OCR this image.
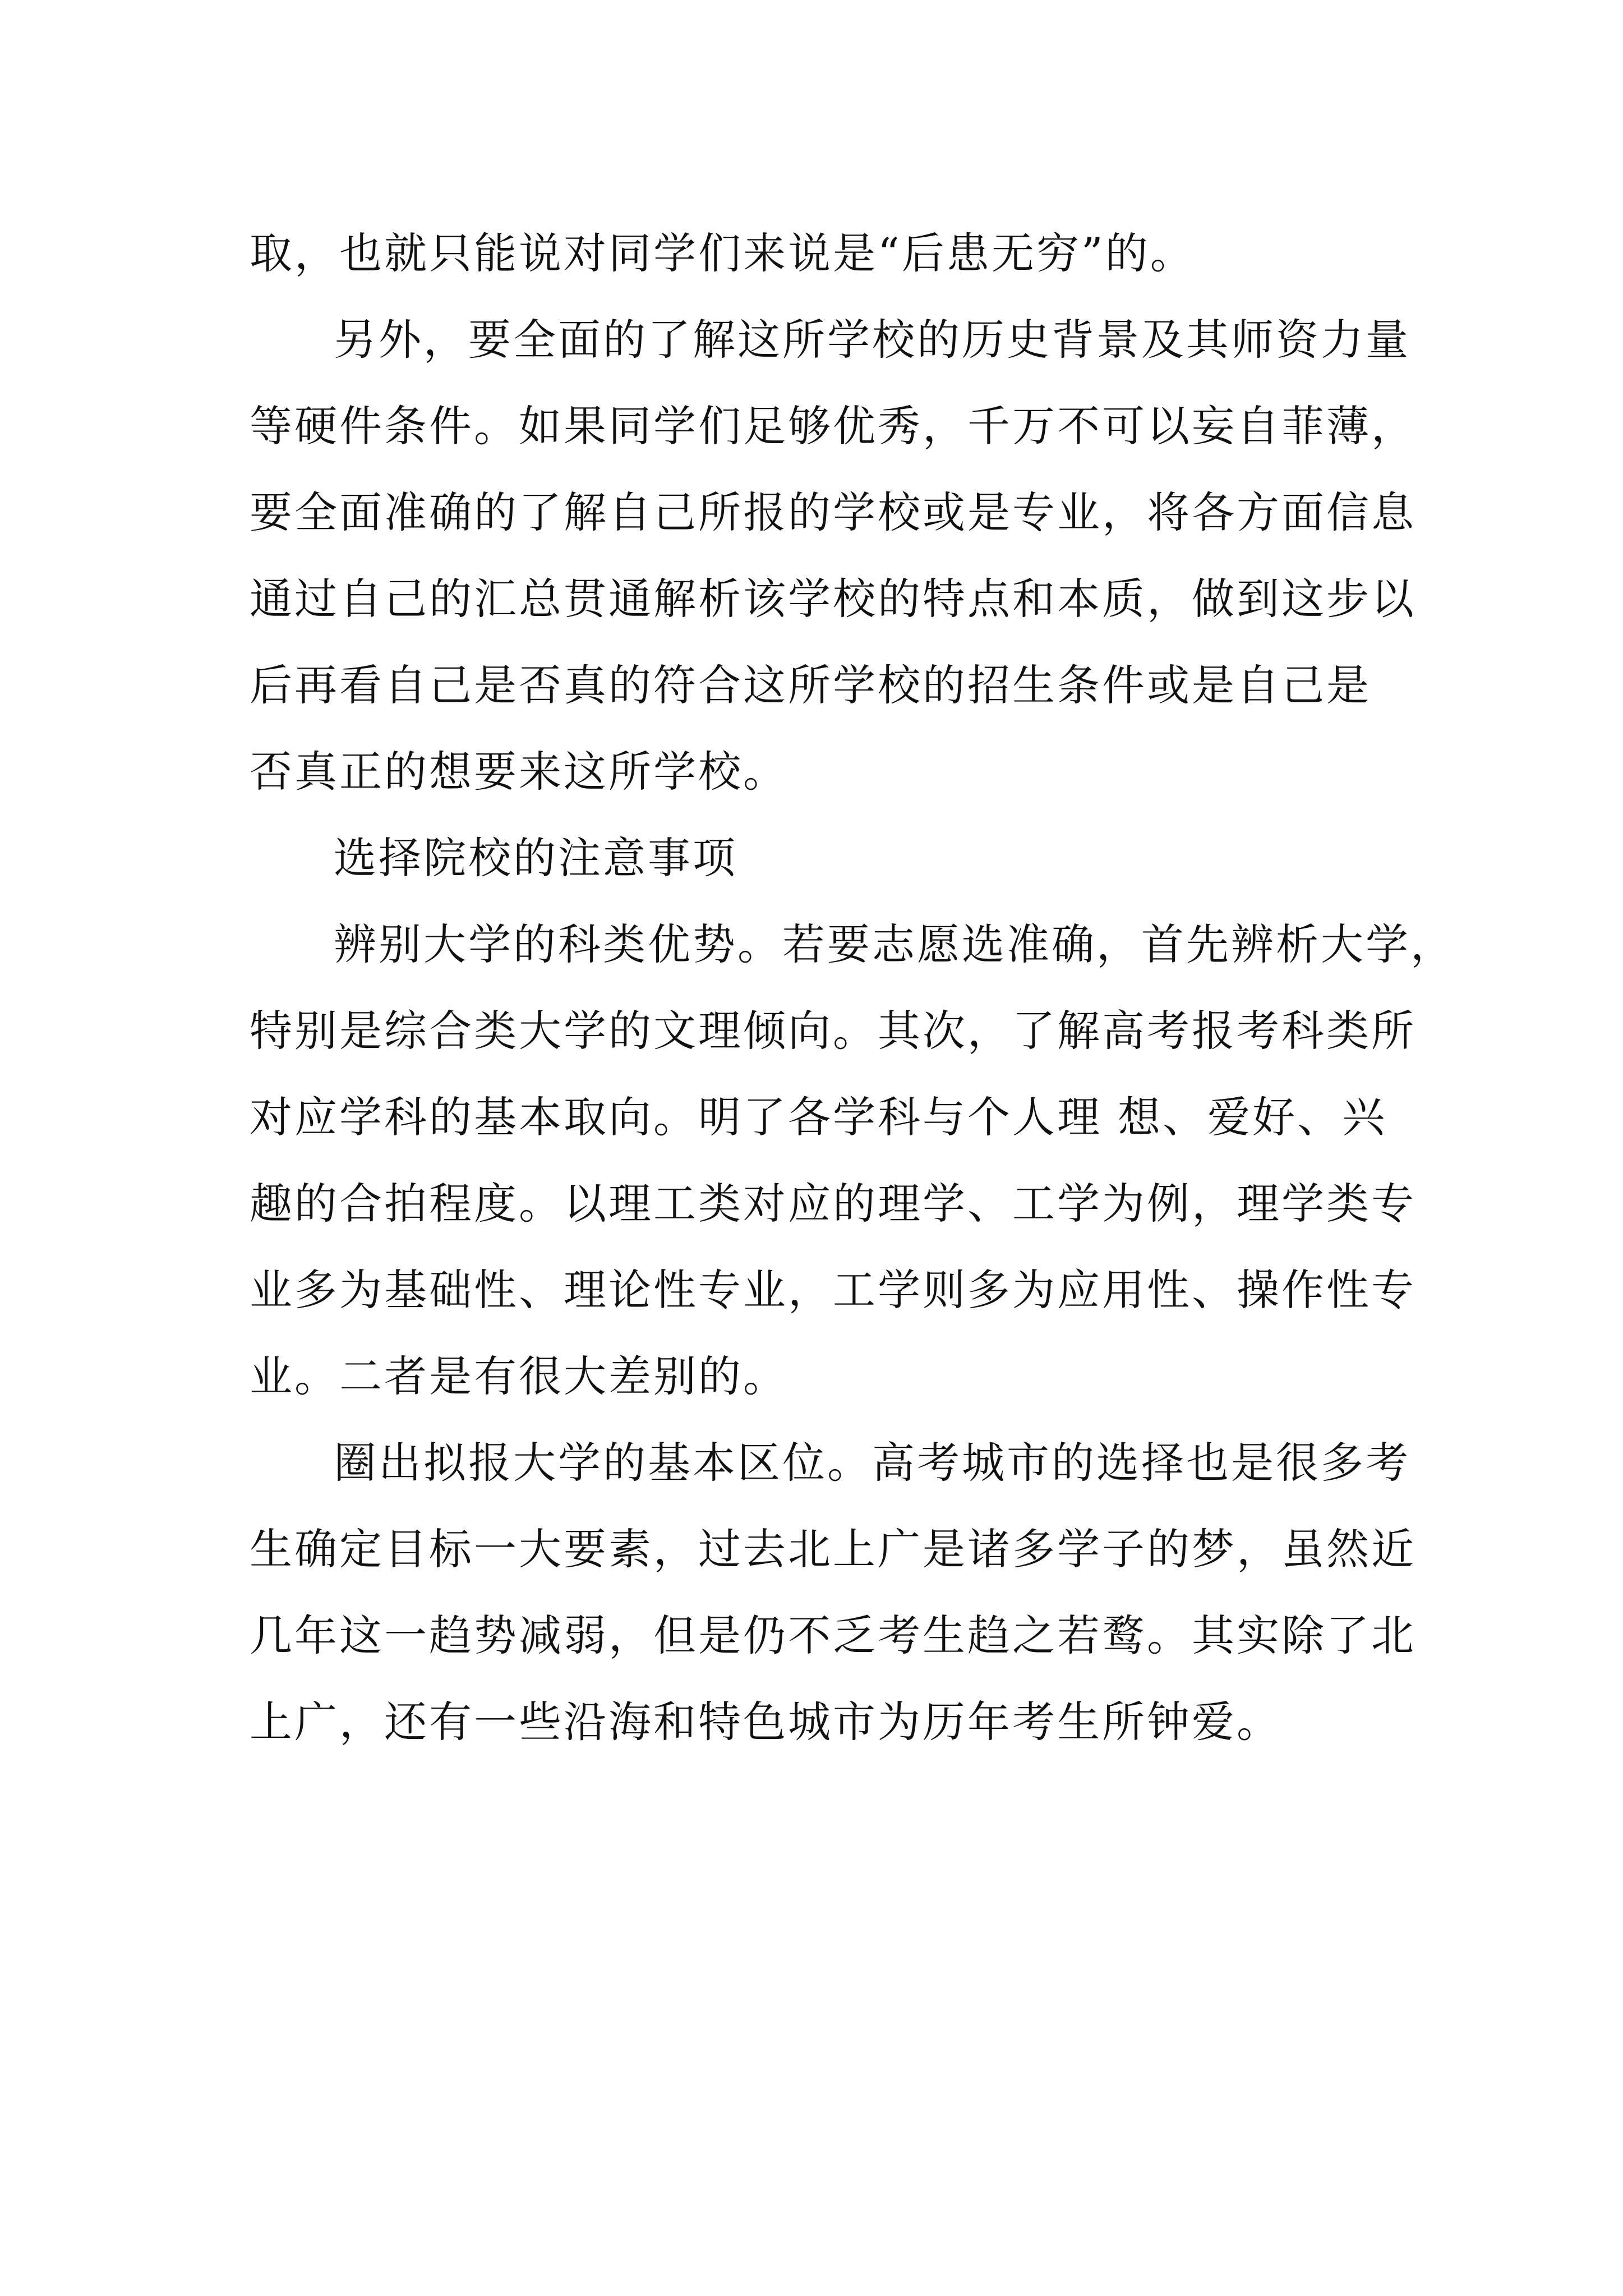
取，也就只能说对同学们来说是“后患无穷”的。
另外，要全面的了解这所学校的历史背景及其师资力量
等硬件条件。如果同学们足够优秀，千万不可以妄自菲薄，
要全面准确的了解自己所报的学校或是专业，将各方面信息
通过自己的汇总贯通解析该学校的特点和本质，做到这步以
后再看自己是否真的符合这所学校的招生条件或是自己是
否真正的想要来这所学校。
选择院校的注意事项
辨别大学的科类优势。若要志愿选准确，首先辨析大学，
特别是综合类大学的文理倾向。其次，了解高考报考科类所
对应学科的基本取向。明了各学科与个人理 想、爱好、兴
趣的合拍程度。以理工类对应的理学、工学为例，理学类专
业多为基础性、理论性专业，工学则多为应用性、操作性专
业。二者是有很大差别的。
圈出拟报大学的基本区位。高考城市的选择也是很多考
生确定目标一大要素，过去北上广是诸多学子的梦，虽然近
几年这一趋势减弱，但是仍不乏考生趋之若鹜。其实除了北
上广，还有一些沿海和特色城市为历年考生所钟爱。
